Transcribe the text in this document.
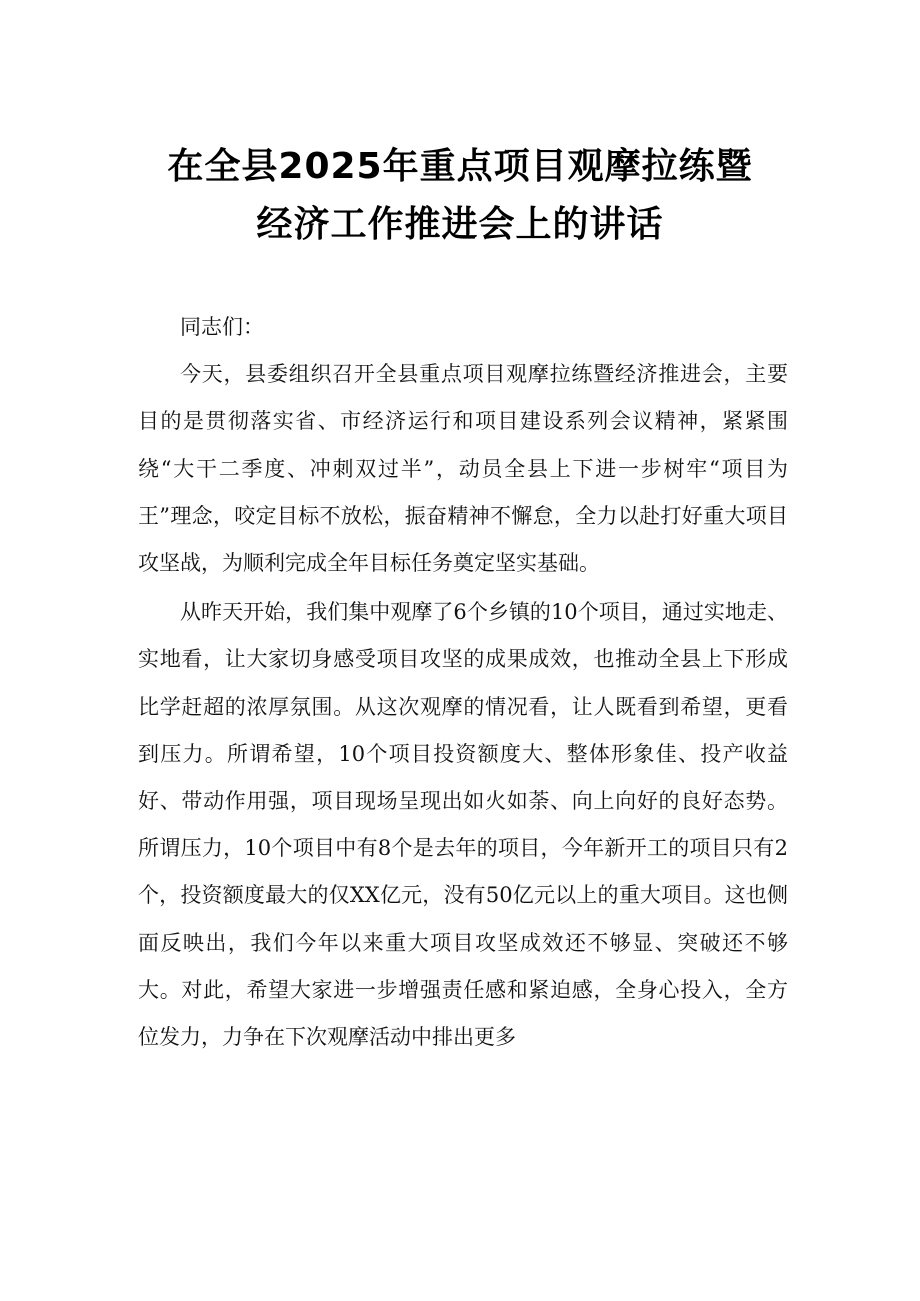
在全县2025年重点项目观摩拉练暨
经济工作推进会上的讲话

同志们：

今天，县委组织召开全县重点项目观摩拉练暨经济推进会，主要目的是贯彻落实省、市经济运行和项目建设系列会议精神，紧紧围绕“大干二季度、冲刺双过半”，动员全县上下进一步树牢“项目为王”理念，咬定目标不放松，振奋精神不懈怠，全力以赴打好重大项目攻坚战，为顺利完成全年目标任务奠定坚实基础。

从昨天开始，我们集中观摩了6个乡镇的10个项目，通过实地走、实地看，让大家切身感受项目攻坚的成果成效，也推动全县上下形成比学赶超的浓厚氛围。从这次观摩的情况看，让人既看到希望，更看到压力。所谓希望，10个项目投资额度大、整体形象佳、投产收益好、带动作用强，项目现场呈现出如火如荼、向上向好的良好态势。所谓压力，10个项目中有8个是去年的项目，今年新开工的项目只有2个，投资额度最大的仅XX亿元，没有50亿元以上的重大项目。这也侧面反映出，我们今年以来重大项目攻坚成效还不够显、突破还不够大。对此，希望大家进一步增强责任感和紧迫感，全身心投入，全方位发力，力争在下次观摩活动中排出更多
